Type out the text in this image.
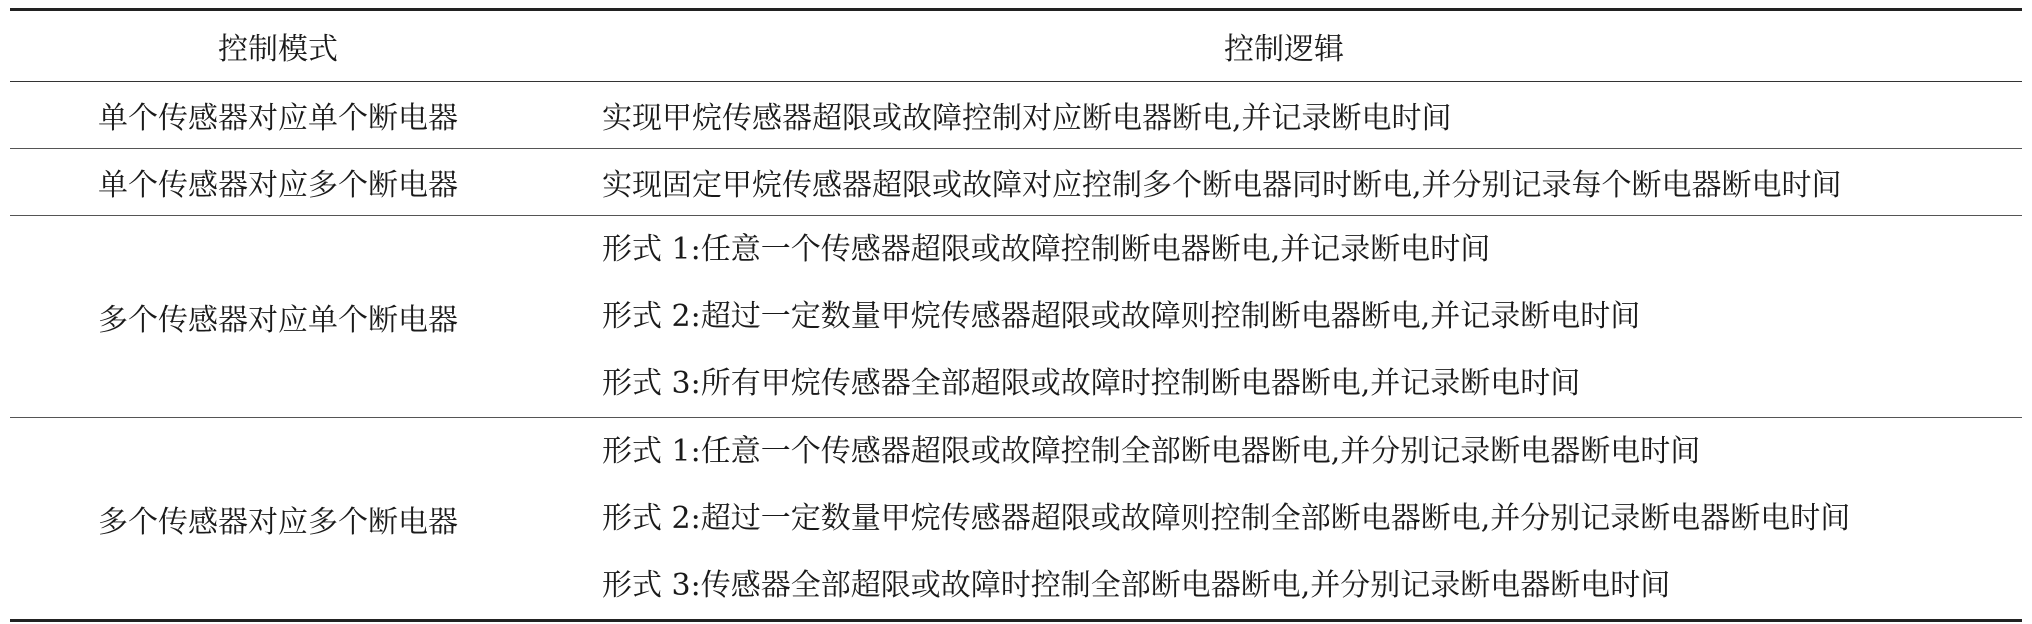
控制模式	控制逻辑
单个传感器对应单个断电器	实现甲烷传感器超限或故障控制对应断电器断电,并记录断电时间
单个传感器对应多个断电器	实现固定甲烷传感器超限或故障对应控制多个断电器同时断电,并分别记录每个断电器断电时间
多个传感器对应单个断电器	形式 1:任意一个传感器超限或故障控制断电器断电,并记录断电时间
形式 2:超过一定数量甲烷传感器超限或故障则控制断电器断电,并记录断电时间
形式 3:所有甲烷传感器全部超限或故障时控制断电器断电,并记录断电时间

多个传感器对应多个断电器	形式 1:任意一个传感器超限或故障控制全部断电器断电,并分别记录断电器断电时间
形式 2:超过一定数量甲烷传感器超限或故障则控制全部断电器断电,并分别记录断电器断电时间
形式 3:传感器全部超限或故障时控制全部断电器断电,并分别记录断电器断电时间
